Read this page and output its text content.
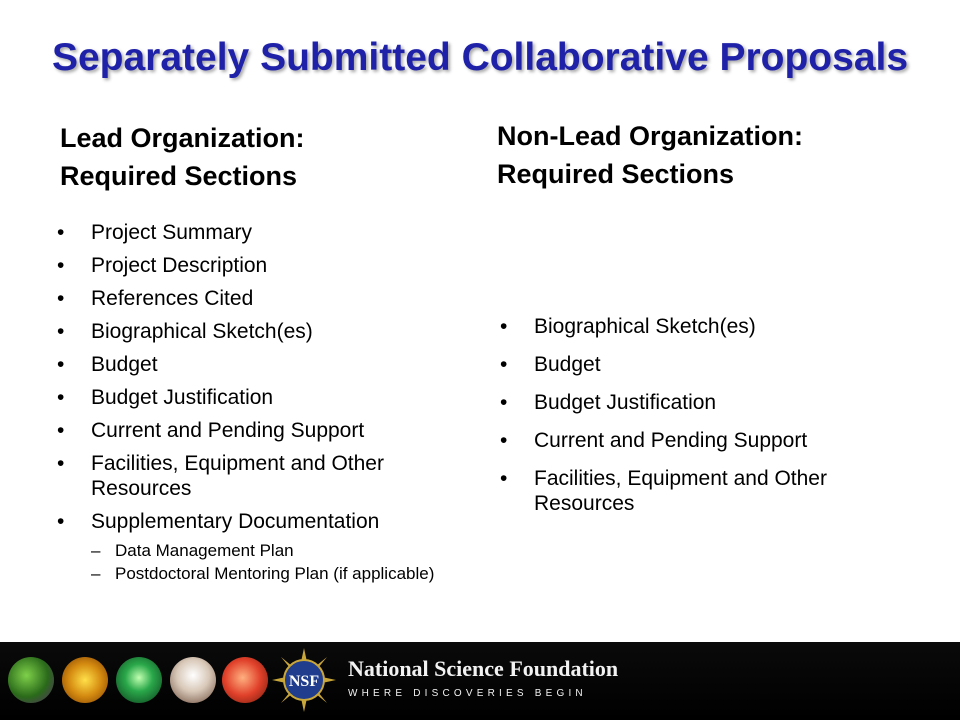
Separately Submitted Collaborative Proposals
Lead Organization:
Required Sections
Non-Lead Organization:
Required Sections
• Project Summary
• Project Description
• References Cited
• Biographical Sketch(es)
• Budget
• Budget Justification
• Current and Pending Support
• Facilities, Equipment and Other Resources
• Supplementary Documentation
– Data Management Plan
– Postdoctoral Mentoring Plan (if applicable)
• Biographical Sketch(es)
• Budget
• Budget Justification
• Current and Pending Support
• Facilities, Equipment and Other Resources
NSF
National Science Foundation
WHERE DISCOVERIES BEGIN
